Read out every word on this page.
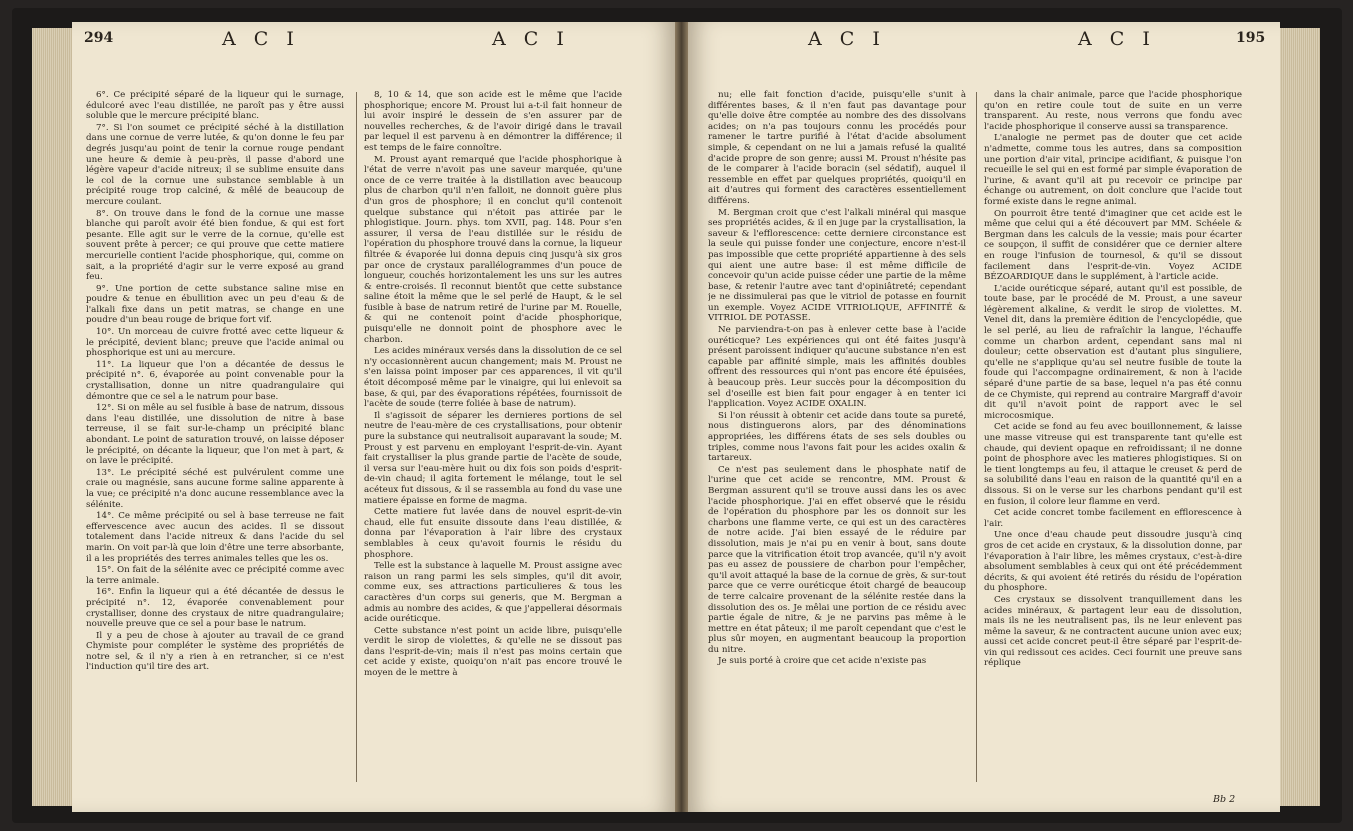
294	A C I	A C I

6°. Ce précipité séparé de la liqueur qui le surnage, édulcoré avec l'eau distillée, ne paroît pas y être aussi soluble que le mercure précipité blanc.

7°. Si l'on soumet ce précipité séché à la distillation dans une cornue de verre lutée, & qu'on donne le feu par degrés jusqu'au point de tenir la cornue rouge pendant une heure & demie à peu-près, il passe d'abord une légère vapeur d'acide nitreux; il se sublime ensuite dans le col de la cornue une substance semblable à un précipité rouge trop calciné, & mêlé de beaucoup de mercure coulant.

8°. On trouve dans le fond de la cornue une masse blanche qui paroît avoir été bien fondue, & qui est fort pesante. Elle agit sur le verre de la cornue, qu'elle est souvent prête à percer; ce qui prouve que cette matiere mercurielle contient l'acide phosphorique, qui, comme on sait, a la propriété d'agir sur le verre exposé au grand feu.

9°. Une portion de cette substance saline mise en poudre & tenue en ébullition avec un peu d'eau & de l'alkali fixe dans un petit matras, se change en une poudre d'un beau rouge de brique fort vif.

10°. Un morceau de cuivre frotté avec cette liqueur & le précipité, devient blanc; preuve que l'acide animal ou phosphorique est uni au mercure.

11°. La liqueur que l'on a décantée de dessus le précipité n°. 6, évaporée au point convenable pour la crystallisation, donne un nitre quadrangulaire qui démontre que ce sel a le natrum pour base.

12°. Si on mêle au sel fusible à base de natrum, dissous dans l'eau distillée, une dissolution de nitre à base terreuse, il se fait sur-le-champ un précipité blanc abondant. Le point de saturation trouvé, on laisse déposer le précipité, on décante la liqueur, que l'on met à part, & on lave le précipité.

13°. Le précipité séché est pulvérulent comme une craie ou magnésie, sans aucune forme saline apparente à la vue; ce précipité n'a donc aucune ressemblance avec la sélénite.

14°. Ce même précipité ou sel à base terreuse ne fait effervescence avec aucun des acides. Il se dissout totalement dans l'acide nitreux & dans l'acide du sel marin. On voit par-là que loin d'être une terre absorbante, il a les propriétés des terres animales telles que les os.

15°. On fait de la sélénite avec ce précipité comme avec la terre animale.

16°. Enfin la liqueur qui a été décantée de dessus le précipité n°. 12, évaporée convenablement pour crystalliser, donne des crystaux de nitre quadrangulaire; nouvelle preuve que ce sel a pour base le natrum.

Il y a peu de chose à ajouter au travail de ce grand Chymiste pour compléter le système des propriétés de notre sel, & il n'y a rien à en retrancher, si ce n'est l'induction qu'il tire des art.

8, 10 & 14, que son acide est le même que l'acide phosphorique; encore M. Proust lui a-t-il fait honneur de lui avoir inspiré le dessein de s'en assurer par de nouvelles recherches, & de l'avoir dirigé dans le travail par lequel il est parvenu à en démontrer la différence; il est temps de le faire connoître.

M. Proust ayant remarqué que l'acide phosphorique à l'état de verre n'avoit pas une saveur marquée, qu'une once de ce verre traitée à la distillation avec beaucoup plus de charbon qu'il n'en falloit, ne donnoit guère plus d'un gros de phosphore; il en conclut qu'il contenoit quelque substance qui n'étoit pas attirée par le phlogistique. Journ. phys. tom XVII, pag. 148. Pour s'en assurer, il versa de l'eau distillée sur le résidu de l'opération du phosphore trouvé dans la cornue, la liqueur filtrée & évaporée lui donna depuis cinq jusqu'à six gros par once de crystaux parallélogrammes d'un pouce de longueur, couchés horizontalement les uns sur les autres & entre-croisés. Il reconnut bientôt que cette substance saline étoit la même que le sel perlé de Haupt, & le sel fusible à base de natrum retiré de l'urine par M. Rouelle, & qui ne contenoit point d'acide phosphorique, puisqu'elle ne donnoit point de phosphore avec le charbon.

Les acides minéraux versés dans la dissolution de ce sel n'y occasionnèrent aucun changement; mais M. Proust ne s'en laissa point imposer par ces apparences, il vit qu'il étoit décomposé même par le vinaigre, qui lui enlevoit sa base, & qui, par des évaporations répétées, fournissoit de l'acète de soude (terre foliée à base de natrum).

Il s'agissoit de séparer les dernieres portions de sel neutre de l'eau-mère de ces crystallisations, pour obtenir pure la substance qui neutralisoit auparavant la soude; M. Proust y est parvenu en employant l'esprit-de-vin. Ayant fait crystalliser la plus grande partie de l'acète de soude, il versa sur l'eau-mère huit ou dix fois son poids d'esprit-de-vin chaud; il agita fortement le mélange, tout le sel acéteux fut dissous, & il se rassembla au fond du vase une matiere épaisse en forme de magma.

Cette matiere fut lavée dans de nouvel esprit-de-vin chaud, elle fut ensuite dissoute dans l'eau distillée, & donna par l'évaporation à l'air libre des crystaux semblables à ceux qu'avoit fournis le résidu du phosphore.

Telle est la substance à laquelle M. Proust assigne avec raison un rang parmi les sels simples, qu'il dit avoir, comme eux, ses attractions particulieres & tous les caractères d'un corps sui generis, que M. Bergman a admis au nombre des acides, & que j'appellerai désormais acide ouréticque.

Cette substance n'est point un acide libre, puisqu'elle verdit le sirop de violettes, & qu'elle ne se dissout pas dans l'esprit-de-vin; mais il n'est pas moins certain que cet acide y existe, quoiqu'on n'ait pas encore trouvé le moyen de le mettre à

A C I	A C I	195

nu; elle fait fonction d'acide, puisqu'elle s'unit à différentes bases, & il n'en faut pas davantage pour qu'elle doive être comptée au nombre des des dissolvans acides; on n'a pas toujours connu les procédés pour ramener le tartre purifié à l'état d'acide absolument simple, & cependant on ne lui a jamais refusé la qualité d'acide propre de son genre; aussi M. Proust n'hésite pas de le comparer à l'acide boracin (sel sédatif), auquel il ressemble en effet par quelques propriétés, quoiqu'il en ait d'autres qui forment des caractères essentiellement différens.

M. Bergman croit que c'est l'alkali minéral qui masque ses propriétés acides, & il en juge par la crystallisation, la saveur & l'efflorescence: cette derniere circonstance est la seule qui puisse fonder une conjecture, encore n'est-il pas impossible que cette propriété appartienne à des sels qui aient une autre base: il est même difficile de concevoir qu'un acide puisse céder une partie de la même base, & retenir l'autre avec tant d'opiniâtreté; cependant je ne dissimulerai pas que le vitriol de potasse en fournit un exemple. Voyez ACIDE VITRIOLIQUE, AFFINITÉ & VITRIOL DE POTASSE.

Ne parviendra-t-on pas à enlever cette base à l'acide ouréticque? Les expériences qui ont été faites jusqu'à présent paroissent indiquer qu'aucune substance n'en est capable par affinité simple, mais les affinités doubles offrent des ressources qui n'ont pas encore été épuisées, à beaucoup près. Leur succès pour la décomposition du sel d'oseille est bien fait pour engager à en tenter ici l'application. Voyez ACIDE OXALIN.

Si l'on réussit à obtenir cet acide dans toute sa pureté, nous distinguerons alors, par des dénominations appropriées, les différens états de ses sels doubles ou triples, comme nous l'avons fait pour les acides oxalin & tartareux.

Ce n'est pas seulement dans le phosphate natif de l'urine que cet acide se rencontre, MM. Proust & Bergman assurent qu'il se trouve aussi dans les os avec l'acide phosphorique. J'ai en effet observé que le résidu de l'opération du phosphore par les os donnoit sur les charbons une flamme verte, ce qui est un des caractères de notre acide. J'ai bien essayé de le réduire par dissolution, mais je n'ai pu en venir à bout, sans doute parce que la vitrification étoit trop avancée, qu'il n'y avoit pas eu assez de poussiere de charbon pour l'empêcher, qu'il avoit attaqué la base de la cornue de grès, & sur-tout parce que ce verre ouréticque étoit chargé de beaucoup de terre calcaire provenant de la sélénite restée dans la dissolution des os. Je mêlai une portion de ce résidu avec partie égale de nitre, & je ne parvins pas même à le mettre en état pâteux; il me paroît cependant que c'est le plus sûr moyen, en augmentant beaucoup la proportion du nitre.

Je suis porté à croire que cet acide n'existe pas

dans la chair animale, parce que l'acide phosphorique qu'on en retire coule tout de suite en un verre transparent. Au reste, nous verrons que fondu avec l'acide phosphorique il conserve aussi sa transparence.

L'analogie ne permet pas de douter que cet acide n'admette, comme tous les autres, dans sa composition une portion d'air vital, principe acidifiant, & puisque l'on recueille le sel qui en est formé par simple évaporation de l'urine, & avant qu'il ait pu recevoir ce principe par échange ou autrement, on doit conclure que l'acide tout formé existe dans le regne animal.

On pourroit être tenté d'imaginer que cet acide est le même que celui qui a été découvert par MM. Schéele & Bergman dans les calculs de la vessie; mais pour écarter ce soupçon, il suffit de considérer que ce dernier altere en rouge l'infusion de tournesol, & qu'il se dissout facilement dans l'esprit-de-vin. Voyez ACIDE BÉZOARDIQUE dans le supplément, à l'article acide.

L'acide ouréticque séparé, autant qu'il est possible, de toute base, par le procédé de M. Proust, a une saveur légèrement alkaline, & verdit le sirop de violettes. M. Venel dit, dans la première édition de l'encyclopédie, que le sel perlé, au lieu de rafraîchir la langue, l'échauffe comme un charbon ardent, cependant sans mal ni douleur; cette observation est d'autant plus singuliere, qu'elle ne s'applique qu'au sel neutre fusible de toute la foude qui l'accompagne ordinairement, & non à l'acide séparé d'une partie de sa base, lequel n'a pas été connu de ce Chymiste, qui reprend au contraire Margraff d'avoir dit qu'il n'avoit point de rapport avec le sel microcosmique.

Cet acide se fond au feu avec bouillonnement, & laisse une masse vitreuse qui est transparente tant qu'elle est chaude, qui devient opaque en refroidissant; il ne donne point de phosphore avec les matieres phlogistiques. Si on le tient longtemps au feu, il attaque le creuset & perd de sa solubilité dans l'eau en raison de la quantité qu'il en a dissous. Si on le verse sur les charbons pendant qu'il est en fusion, il colore leur flamme en verd.

Cet acide concret tombe facilement en efflorescence à l'air.

Une once d'eau chaude peut dissoudre jusqu'à cinq gros de cet acide en crystaux, & la dissolution donne, par l'évaporation à l'air libre, les mêmes crystaux, c'est-à-dire absolument semblables à ceux qui ont été précédemment décrits, & qui avoient été retirés du résidu de l'opération du phosphore.

Ces crystaux se dissolvent tranquillement dans les acides minéraux, & partagent leur eau de dissolution, mais ils ne les neutralisent pas, ils ne leur enlevent pas même la saveur, & ne contractent aucune union avec eux; aussi cet acide concret peut-il être séparé par l'esprit-de-vin qui redissout ces acides. Ceci fournit une preuve sans réplique

Bb 2
